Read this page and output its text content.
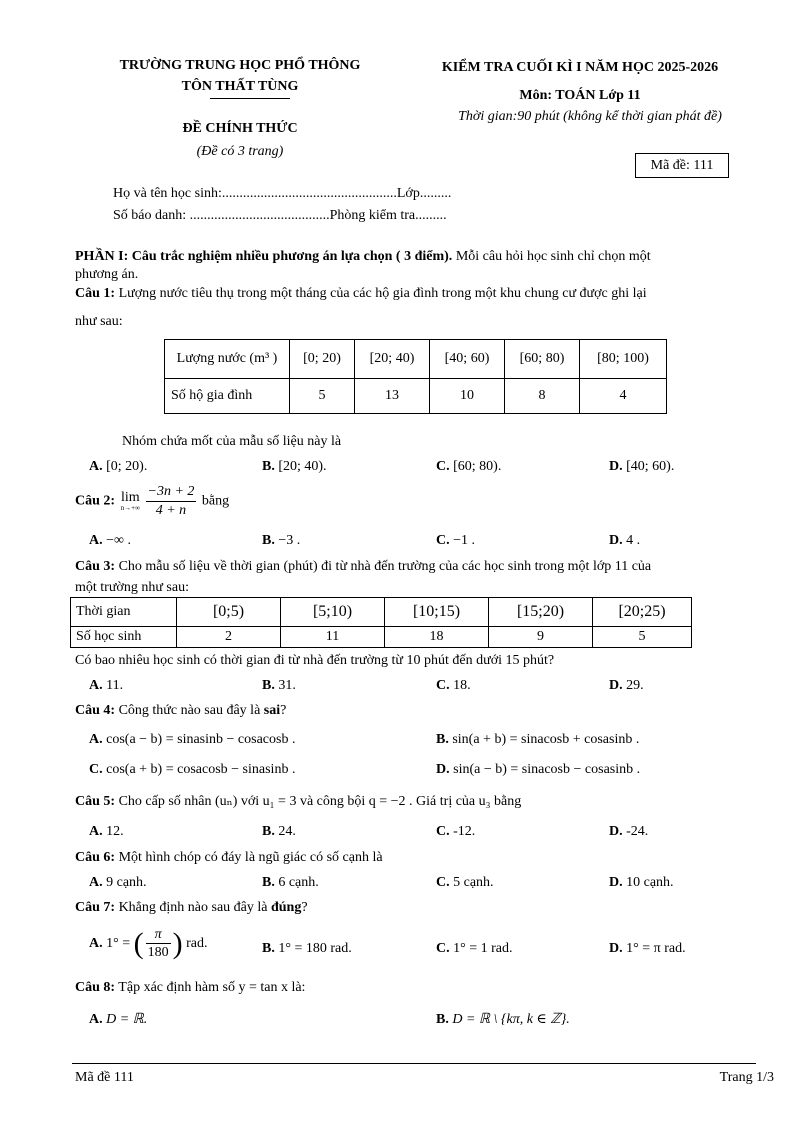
TRƯỜNG TRUNG HỌC PHỔ THÔNG
TÔN THẤT TÙNG
ĐỀ CHÍNH THỨC
(Đề có 3 trang)
KIỂM TRA CUỐI KÌ I NĂM HỌC 2025-2026
Môn: TOÁN Lớp 11
Thời gian:90 phút (không kể thời gian phát đề)
Mã đề: 111
Họ và tên học sinh:..................................................Lớp.........
Số báo danh: ........................................Phòng kiểm tra.........
PHẦN I: Câu trắc nghiệm nhiều phương án lựa chọn ( 3 điểm). Mỗi câu hỏi học sinh chỉ chọn một
phương án.
Câu 1: Lượng nước tiêu thụ trong một tháng của các hộ gia đình trong một khu chung cư được ghi lại
như sau:
Lượng nước (m³ )	[0; 20)	[20; 40)	[40; 60)	[60; 80)	[80; 100)
Số hộ gia đình	5	13	10	8	4
Nhóm chứa mốt của mẫu số liệu này là
A. [0; 20).	B. [20; 40).	C. [60; 80).	D. [40; 60).
Câu 2: lim
n→+∞
$\frac{-3n + 2}{4 + n}$ bằng
A. −∞ .	B. −3 .	C. −1 .	D. 4 .
Câu 3: Cho mẫu số liệu về thời gian (phút) đi từ nhà đến trường của các học sinh trong một lớp 11 của
một trường như sau:
Thời gian	[0;5)	[5;10)	[10;15)	[15;20)	[20;25)
Số học sinh	2	11	18	9	5
Có bao nhiêu học sinh có thời gian đi từ nhà đến trường từ 10 phút đến dưới 15 phút?
A. 11.	B. 31.	C. 18.	D. 29.
Câu 4: Công thức nào sau đây là sai?
A. cos(a − b) = sinasinb − cosacosb .	B. sin(a + b) = sinacosb + cosasinb .
C. cos(a + b) = cosacosb − sinasinb .	D. sin(a − b) = sinacosb − cosasinb .
Câu 5: Cho cấp số nhân (uₙ) với u₁ = 3 và công bội q = −2 . Giá trị của u₃ bằng
A. 12.	B. 24.	C. -12.	D. -24.
Câu 6: Một hình chóp có đáy là ngũ giác có số cạnh là
A. 9 cạnh.	B. 6 cạnh.	C. 5 cạnh.	D. 10 cạnh.
Câu 7: Khẳng định nào sau đây là đúng?
A. 1° = ( $\frac{\pi}{180}$ ) rad.	B. 1° = 180 rad.	C. 1° = 1 rad.	D. 1° = π rad.
Câu 8: Tập xác định hàm số y = tan x là:
A. D = ℝ.	B. D = ℝ \ {kπ, k ∈ ℤ}.
Mã đề 111	Trang 1/3
